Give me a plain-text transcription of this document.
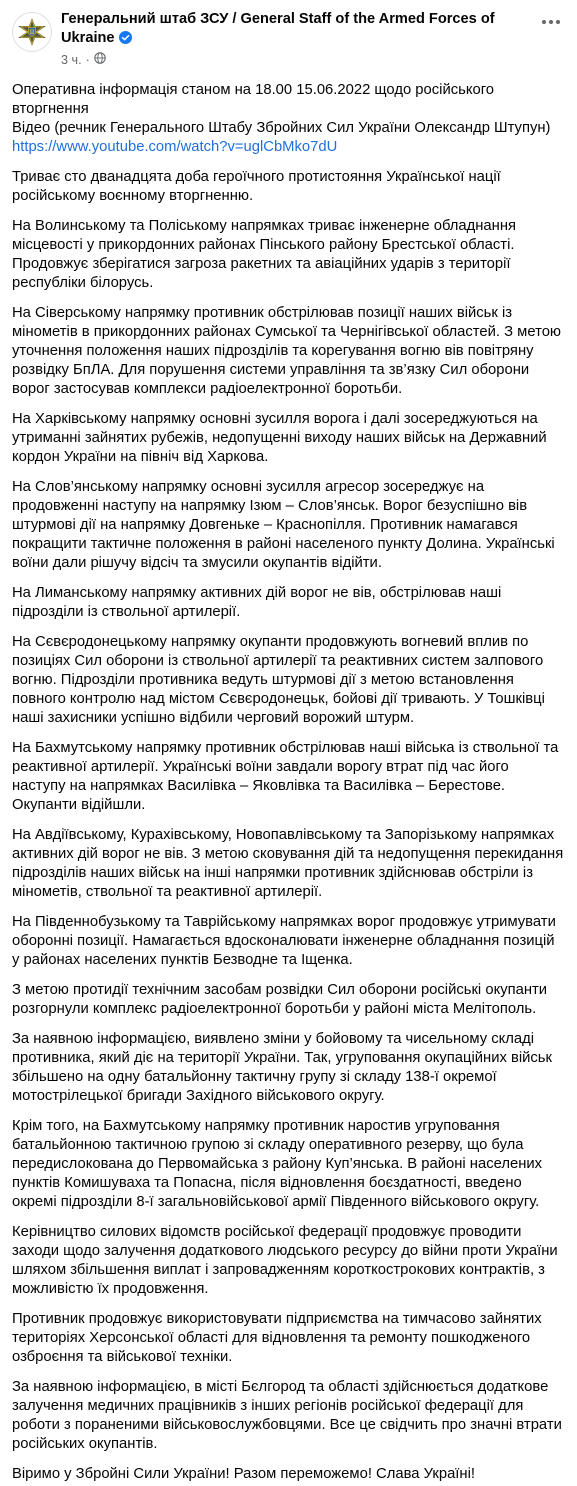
Генеральний штаб ЗСУ / General Staff of the Armed Forces of Ukraine
3 ч. ·

Оперативна інформація станом на 18.00 15.06.2022 щодо російського вторгнення
Відео (речник Генерального Штабу Збройних Сил України Олександр Штупун)
https://www.youtube.com/watch?v=uglCbMko7dU

Триває сто дванадцята доба героїчного протистояння Української нації російському воєнному вторгненню.

На Волинському та Поліському напрямках триває інженерне обладнання місцевості у прикордонних районах Пінського району Брестської області. Продовжує зберігатися загроза ракетних та авіаційних ударів з території республіки білорусь.

На Сіверському напрямку противник обстрілював позиції наших військ із мінометів в прикордонних районах Сумської та Чернігівської областей. З метою уточнення положення наших підрозділів та корегування вогню вів повітряну розвідку БпЛА. Для порушення системи управління та зв’язку Сил оборони ворог застосував комплекси радіоелектронної боротьби.

На Харківському напрямку основні зусилля ворога і далі зосереджуються на утриманні зайнятих рубежів, недопущенні виходу наших військ на Державний кордон України на північ від Харкова.

На Слов’янському напрямку основні зусилля агресор зосереджує на продовженні наступу на напрямку Ізюм – Слов’янськ. Ворог безуспішно вів штурмові дії на напрямку Довгеньке – Краснопілля. Противник намагався покращити тактичне положення в районі населеного пункту Долина. Українські воїни дали рішучу відсіч та змусили окупантів відійти.

На Лиманському напрямку активних дій ворог не вів, обстрілював наші підрозділи із ствольної артилерії.

На Сєвєродонецькому напрямку окупанти продовжують вогневий вплив по позиціях Сил оборони із ствольної артилерії та реактивних систем залпового вогню. Підрозділи противника ведуть штурмові дії з метою встановлення повного контролю над містом Сєвєродонецьк, бойові дії тривають. У Тошківці наші захисники успішно відбили черговий ворожий штурм.

На Бахмутському напрямку противник обстрілював наші війська із ствольної та реактивної артилерії. Українські воїни завдали ворогу втрат під час його наступу на напрямках Василівка – Яковлівка та Василівка – Берестове. Окупанти відійшли.

На Авдіївському, Курахівському, Новопавлівському та Запорізькому напрямках активних дій ворог не вів. З метою сковування дій та недопущення перекидання підрозділів наших військ на інші напрямки противник здійснював обстріли із мінометів, ствольної та реактивної артилерії.

На Південнобузькому та Таврійському напрямках ворог продовжує утримувати оборонні позиції. Намагається вдосконалювати інженерне обладнання позицій у районах населених пунктів Безводне та Іщенка.

З метою протидії технічним засобам розвідки Сил оборони російські окупанти розгорнули комплекс радіоелектронної боротьби у районі міста Мелітополь.

За наявною інформацією, виявлено зміни у бойовому та чисельному складі противника, який діє на території України. Так, угруповання окупаційних військ збільшено на одну батальйонну тактичну групу зі складу 138-ї окремої мотострілецької бригади Західного військового округу.

Крім того, на Бахмутському напрямку противник наростив угруповання батальйонною тактичною групою зі складу оперативного резерву, що була передислокована до Первомайська з району Куп’янська. В районі населених пунктів Комишуваха та Попасна, після відновлення боєздатності, введено окремі підрозділи 8-ї загальновійськової армії Південного військового округу.

Керівництво силових відомств російської федерації продовжує проводити заходи щодо залучення додаткового людського ресурсу до війни проти України шляхом збільшення виплат і запровадженням короткострокових контрактів, з можливістю їх продовження.

Противник продовжує використовувати підприємства на тимчасово зайнятих територіях Херсонської області для відновлення та ремонту пошкодженого озброєння та військової техніки.

За наявною інформацією, в місті Бєлгород та області здійснюється додаткове залучення медичних працівників з інших регіонів російської федерації для роботи з пораненими військовослужбовцями. Все це свідчить про значні втрати російських окупантів.

Віримо у Збройні Сили України! Разом переможемо! Слава Україні!
